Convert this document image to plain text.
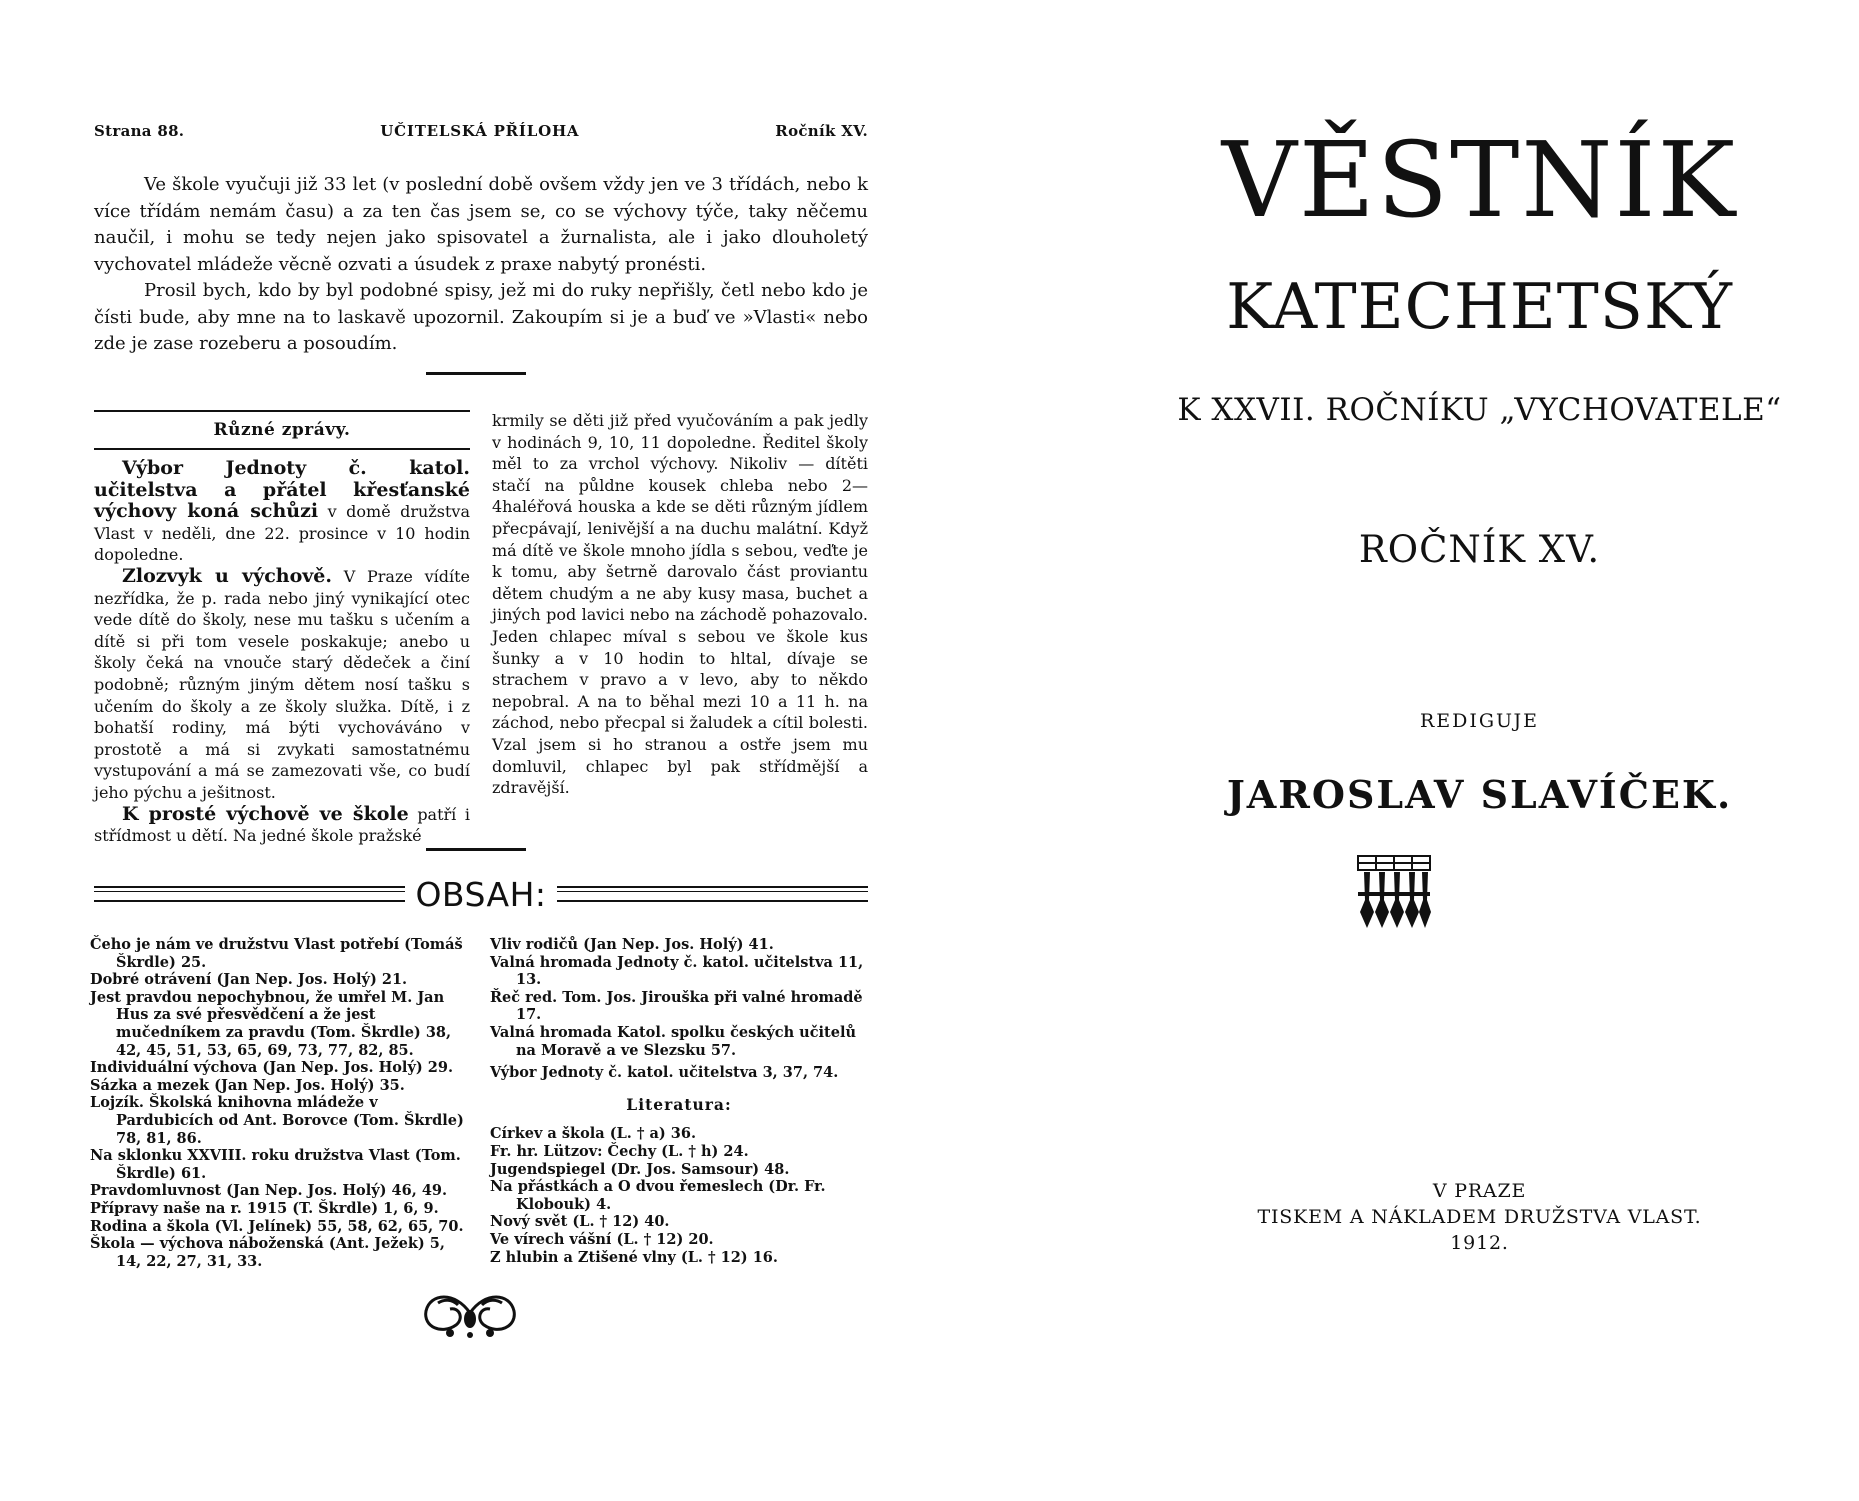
Strana 88.	UČITELSKÁ PŘÍLOHA	Ročník XV.

Ve škole vyučuji již 33 let (v poslední době ovšem vždy jen ve 3 třídách, nebo k více třídám nemám času) a za ten čas jsem se, co se výchovy týče, taky něčemu naučil, i mohu se tedy nejen jako spisovatel a žurnalista, ale i jako dlouholetý vychovatel mládeže věcně ozvati a úsudek z praxe nabytý pronésti.

Prosil bych, kdo by byl podobné spisy, jež mi do ruky nepřišly, četl nebo kdo je čísti bude, aby mne na to laskavě upozornil. Zakoupím si je a buď ve »Vlasti« nebo zde je zase rozeberu a posoudím.

Různé zprávy.

Výbor Jednoty č. katol. učitelstva a přátel křesťanské výchovy koná schůzi v domě družstva Vlast v neděli, dne 22. prosince v 10 hodin dopoledne.

Zlozvyk u výchově. V Praze vídíte nezřídka, že p. rada nebo jiný vynikající otec vede dítě do školy, nese mu tašku s učením a dítě si při tom vesele poskakuje; anebo u školy čeká na vnouče starý dědeček a činí podobně; různým jiným dětem nosí tašku s učením do školy a ze školy služka. Dítě, i z bohatší rodiny, má býti vychováváno v prostotě a má si zvykati samostatnému vystupování a má se zamezovati vše, co budí jeho pýchu a ješitnost.

K prosté výchově ve škole patří i střídmost u dětí. Na jedné škole pražské

krmily se děti již před vyučováním a pak jedly v hodinách 9, 10, 11 dopoledne. Ředitel školy měl to za vrchol výchovy. Nikoliv — dítěti stačí na půldne kousek chleba nebo 2—4haléřová houska a kde se děti různým jídlem přecpávají, lenivější a na duchu malátní. Když má dítě ve škole mnoho jídla s sebou, veďte je k tomu, aby šetrně darovalo část proviantu dětem chudým a ne aby kusy masa, buchet a jiných pod lavici nebo na záchodě pohazovalo. Jeden chlapec míval s sebou ve škole kus šunky a v 10 hodin to hltal, dívaje se strachem v pravo a v levo, aby to někdo nepobral. A na to běhal mezi 10 a 11 h. na záchod, nebo přecpal si žaludek a cítil bolesti. Vzal jsem si ho stranou a ostře jsem mu domluvil, chlapec byl pak střídmější a zdravější.
OBSAH:
Čeho je nám ve družstvu Vlast potřebí (Tomáš Škrdle) 25.
Dobré otrávení (Jan Nep. Jos. Holý) 21.
Jest pravdou nepochybnou, že umřel M. Jan Hus za své přesvědčení a že jest mučedníkem za pravdu (Tom. Škrdle) 38, 42, 45, 51, 53, 65, 69, 73, 77, 82, 85.
Individuální výchova (Jan Nep. Jos. Holý) 29.
Sázka a mezek (Jan Nep. Jos. Holý) 35.
Lojzík. Školská knihovna mládeže v Pardubicích od Ant. Borovce (Tom. Škrdle) 78, 81, 86.
Na sklonku XXVIII. roku družstva Vlast (Tom. Škrdle) 61.
Pravdomluvnost (Jan Nep. Jos. Holý) 46, 49.
Přípravy naše na r. 1915 (T. Škrdle) 1, 6, 9.
Rodina a škola (Vl. Jelínek) 55, 58, 62, 65, 70.
Škola — výchova náboženská (Ant. Ježek) 5, 14, 22, 27, 31, 33.
Vliv rodičů (Jan Nep. Jos. Holý) 41.
Valná hromada Jednoty č. katol. učitelstva 11, 13.
Řeč red. Tom. Jos. Jirouška při valné hromadě 17.
Valná hromada Katol. spolku českých učitelů na Moravě a ve Slezsku 57.
Výbor Jednoty č. katol. učitelstva 3, 37, 74.
Literatura:
Církev a škola (L. † a) 36.
Fr. hr. Lützov: Čechy (L. † h) 24.
Jugendspiegel (Dr. Jos. Samsour) 48.
Na přástkách a O dvou řemeslech (Dr. Fr. Klobouk) 4.
Nový svět (L. † 12) 40.
Ve vírech vášní (L. † 12) 20.
Z hlubin a Ztišené vlny (L. † 12) 16.
VĚSTNÍK
KATECHETSKÝ
K XXVII. ROČNÍKU „VYCHOVATELE“
ROČNÍK XV.
REDIGUJE
JAROSLAV SLAVÍČEK.
V PRAZE
TISKEM A NÁKLADEM DRUŽSTVA VLAST.
1912.
